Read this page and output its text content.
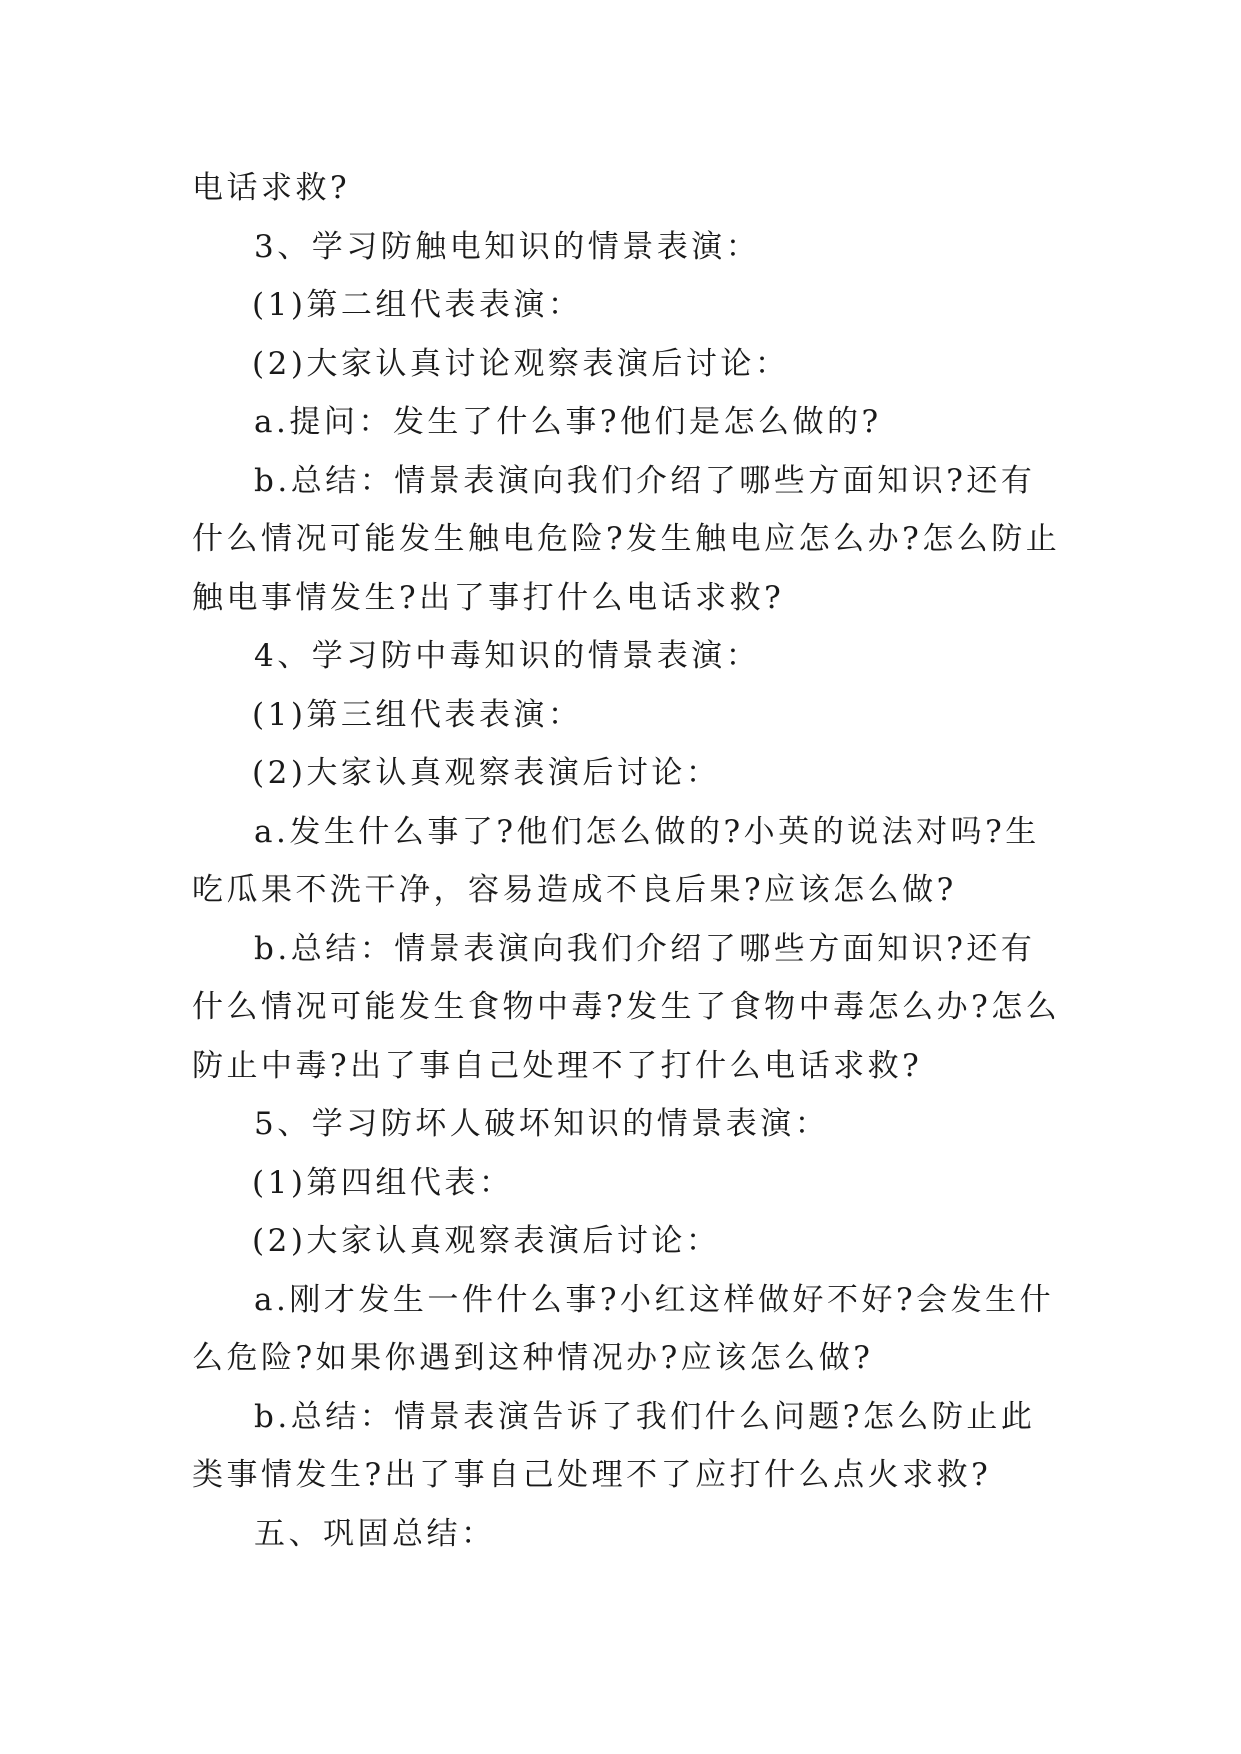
电话求救?

3、学习防触电知识的情景表演：

(1)第二组代表表演：

(2)大家认真讨论观察表演后讨论：

a.提问：发生了什么事?他们是怎么做的?

b.总结：情景表演向我们介绍了哪些方面知识?还有什么情况可能发生触电危险?发生触电应怎么办?怎么防止触电事情发生?出了事打什么电话求救?

4、学习防中毒知识的情景表演：

(1)第三组代表表演：

(2)大家认真观察表演后讨论：

a.发生什么事了?他们怎么做的?小英的说法对吗?生吃瓜果不洗干净，容易造成不良后果?应该怎么做?

b.总结：情景表演向我们介绍了哪些方面知识?还有什么情况可能发生食物中毒?发生了食物中毒怎么办?怎么防止中毒?出了事自己处理不了打什么电话求救?

5、学习防坏人破坏知识的情景表演：

(1)第四组代表：

(2)大家认真观察表演后讨论：

a.刚才发生一件什么事?小红这样做好不好?会发生什么危险?如果你遇到这种情况办?应该怎么做?

b.总结：情景表演告诉了我们什么问题?怎么防止此类事情发生?出了事自己处理不了应打什么点火求救?

五、巩固总结：
